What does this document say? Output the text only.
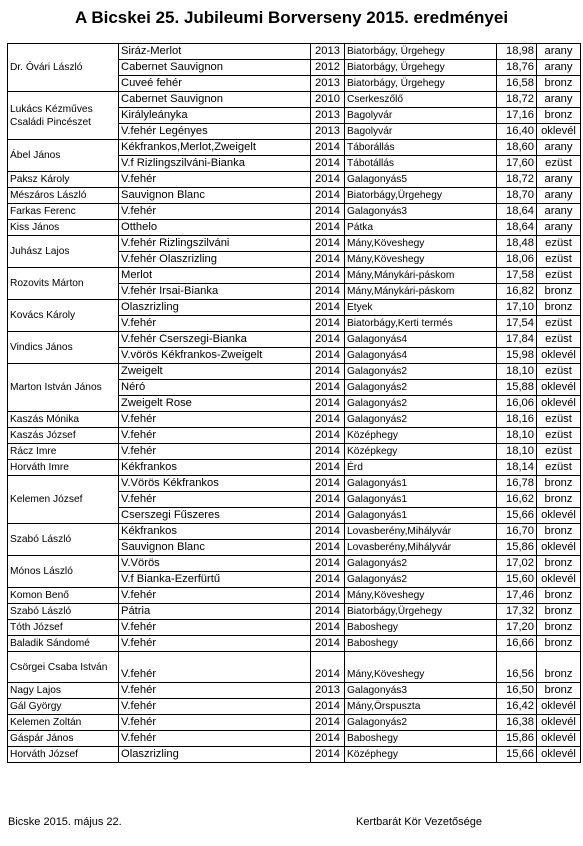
A Bicskei 25. Jubileumi Borverseny 2015. eredményei
Dr. Óvári László	Siráz-Merlot	2013	Biatorbágy, Ürgehegy	18,98	arany
	Cabernet Sauvignon	2012	Biatorbágy, Ürgehegy	18,76	arany
	Cuveé fehér	2013	Biatorbágy, Ürgehegy	16,58	bronz
Lukács Kézműves Családi Pincészet	Cabernet Sauvignon	2010	Cserkeszőlő	18,72	arany
	Királyleányka	2013	Bagolyvár	17,16	bronz
	V.fehér Legényes	2013	Bagolyvár	16,40	oklevél
Ábel János	Kékfrankos,Merlot,Zweigelt	2014	Táborállás	18,60	arany
	V.f Rizlingszilváni-Bianka	2014	Tábotállás	17,60	ezüst
Paksz Károly	V.fehér	2014	Galagonyás5	18,72	arany
Mészáros László	Sauvignon Blanc	2014	Biatorbágy,Ürgehegy	18,70	arany
Farkas Ferenc	V.fehér	2014	Galagonyás3	18,64	arany
Kiss János	Otthelo	2014	Pátka	18,64	arany
Juhász Lajos	V.fehér Rizlingszilváni	2014	Mány,Köveshegy	18,48	ezüst
	V.fehér Olaszrizling	2014	Mány,Köveshegy	18,06	ezüst
Rozovits Márton	Merlot	2014	Mány,Mánykári-páskom	17,58	ezüst
	V.fehér Irsai-Bianka	2014	Mány,Mánykári-páskom	16,82	bronz
Kovács Károly	Olaszrizling	2014	Etyek	17,10	bronz
	V.fehér	2014	Biatorbágy,Kerti termés	17,54	ezüst
Vindics János	V.fehér Cserszegi-Bianka	2014	Galagonyás4	17,84	ezüst
	V.vörös Kékfrankos-Zweigelt	2014	Galagonyás4	15,98	oklevél
Marton István János	Zweigelt	2014	Galagonyás2	18,10	ezüst
	Néró	2014	Galagonyás2	15,88	oklevél
	Zweigelt Rose	2014	Galagonyás2	16,06	oklevél
Kaszás Mónika	V.fehér	2014	Galagonyás2	18,16	ezüst
Kaszás József	V.fehér	2014	Középhegy	18,10	ezüst
Rácz Imre	V.fehér	2014	Középkegy	18,10	ezüst
Horváth Imre	Kékfrankos	2014	Érd	18,14	ezüst
Kelemen József	V.Vörös Kékfrankos	2014	Galagonyás1	16,78	bronz
	V.fehér	2014	Galagonyás1	16,62	bronz
	Cserszegi Fűszeres	2014	Galagonyás1	15,66	oklevél
Szabó László	Kékfrankos	2014	Lovasberény,Mihályvár	16,70	bronz
	Sauvignon Blanc	2014	Lovasberény,Mihályvár	15,86	oklevél
Mónos László	V.Vörös	2014	Galagonyás2	17,02	bronz
	V.f Bianka-Ezerfürtű	2014	Galagonyás2	15,60	oklevél
Komon Benő	V.fehér	2014	Mány,Köveshegy	17,46	bronz
Szabó László	Pátria	2014	Biatorbágy,Ürgehegy	17,32	bronz
Tóth József	V.fehér	2014	Baboshegy	17,20	bronz
Baladik Sándomé	V.fehér	2014	Baboshegy	16,66	bronz
Csörgei Csaba István	V.fehér	2014	Mány,Köveshegy	16,56	bronz
Nagy Lajos	V.fehér	2013	Galagonyás3	16,50	bronz
Gál György	V.fehér	2014	Mány,Örspuszta	16,42	oklevél
Kelemen Zoltán	V.fehér	2014	Galagonyás2	16,38	oklevél
Gáspár János	V.fehér	2014	Baboshegy	15,86	oklevél
Horváth József	Olaszrizling	2014	Középhegy	15,66	oklevél
Bicske 2015. május 22.	Kertbarát Kör Vezetősége
